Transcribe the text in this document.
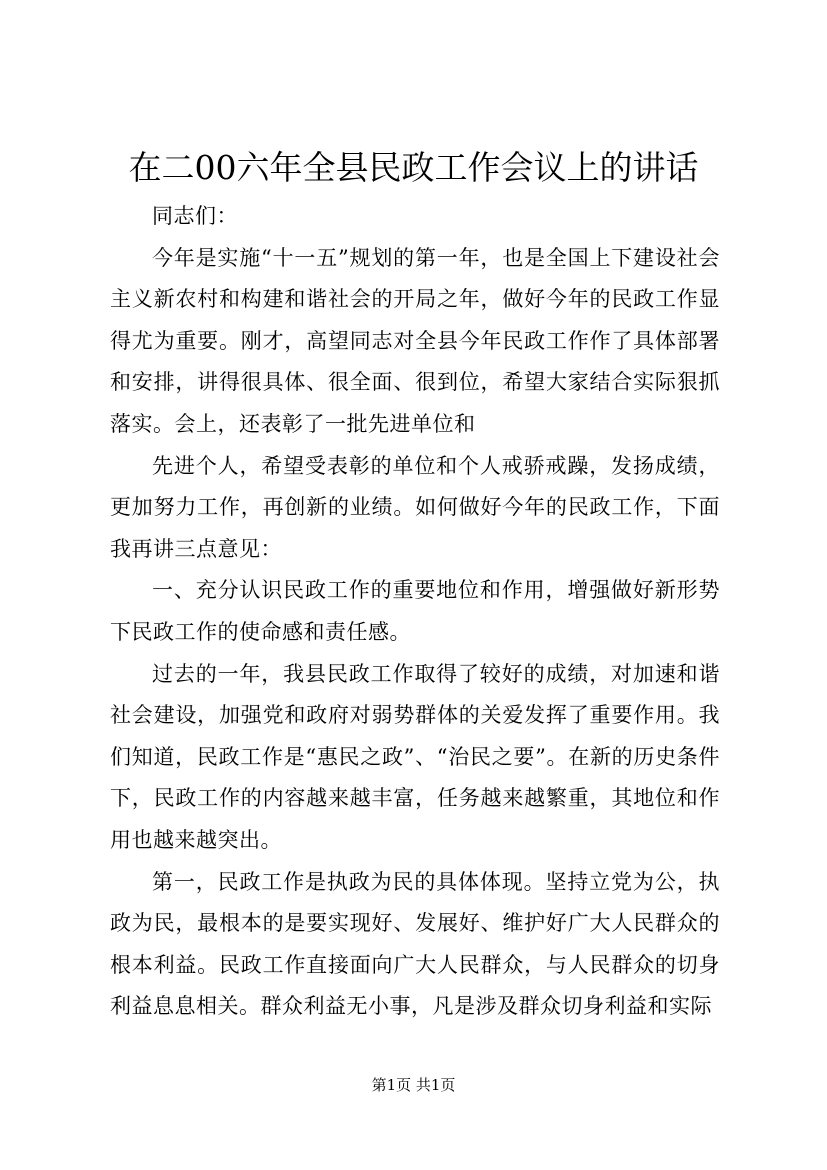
在二00六年全县民政工作会议上的讲话

同志们：

今年是实施“十一五”规划的第一年，也是全国上下建设社会主义新农村和构建和谐社会的开局之年，做好今年的民政工作显得尤为重要。刚才，高望同志对全县今年民政工作作了具体部署和安排，讲得很具体、很全面、很到位，希望大家结合实际狠抓落实。会上，还表彰了一批先进单位和

先进个人，希望受表彰的单位和个人戒骄戒躁，发扬成绩，更加努力工作，再创新的业绩。如何做好今年的民政工作，下面我再讲三点意见：

一、充分认识民政工作的重要地位和作用，增强做好新形势下民政工作的使命感和责任感。

过去的一年，我县民政工作取得了较好的成绩，对加速和谐社会建设，加强党和政府对弱势群体的关爱发挥了重要作用。我们知道，民政工作是“惠民之政”、“治民之要”。在新的历史条件下，民政工作的内容越来越丰富，任务越来越繁重，其地位和作用也越来越突出。

第一，民政工作是执政为民的具体体现。坚持立党为公，执政为民，最根本的是要实现好、发展好、维护好广大人民群众的根本利益。民政工作直接面向广大人民群众，与人民群众的切身利益息息相关。群众利益无小事，凡是涉及群众切身利益和实际

第1页 共1页
